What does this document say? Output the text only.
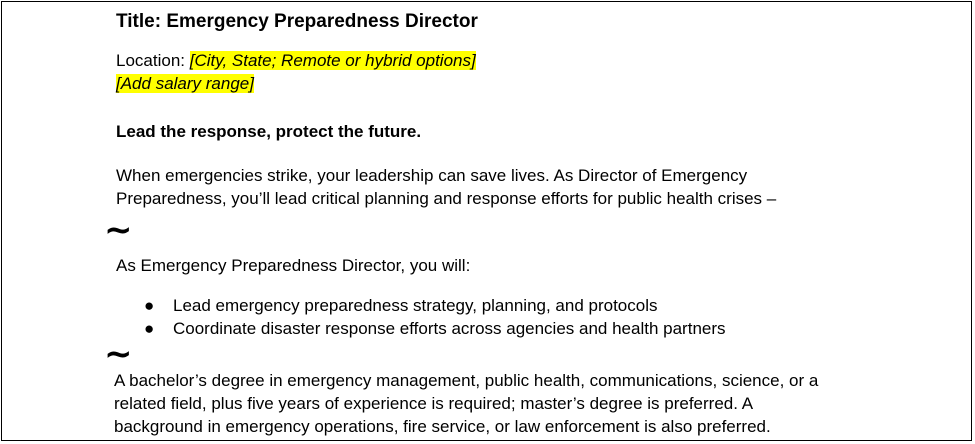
Title: Emergency Preparedness Director
Location: [City, State; Remote or hybrid options]
[Add salary range]
Lead the response, protect the future.
When emergencies strike, your leadership can save lives. As Director of Emergency
Preparedness, you’ll lead critical planning and response efforts for public health crises –
~
As Emergency Preparedness Director, you will:
● Lead emergency preparedness strategy, planning, and protocols
● Coordinate disaster response efforts across agencies and health partners
~
A bachelor’s degree in emergency management, public health, communications, science, or a
related field, plus five years of experience is required; master’s degree is preferred. A
background in emergency operations, fire service, or law enforcement is also preferred.
